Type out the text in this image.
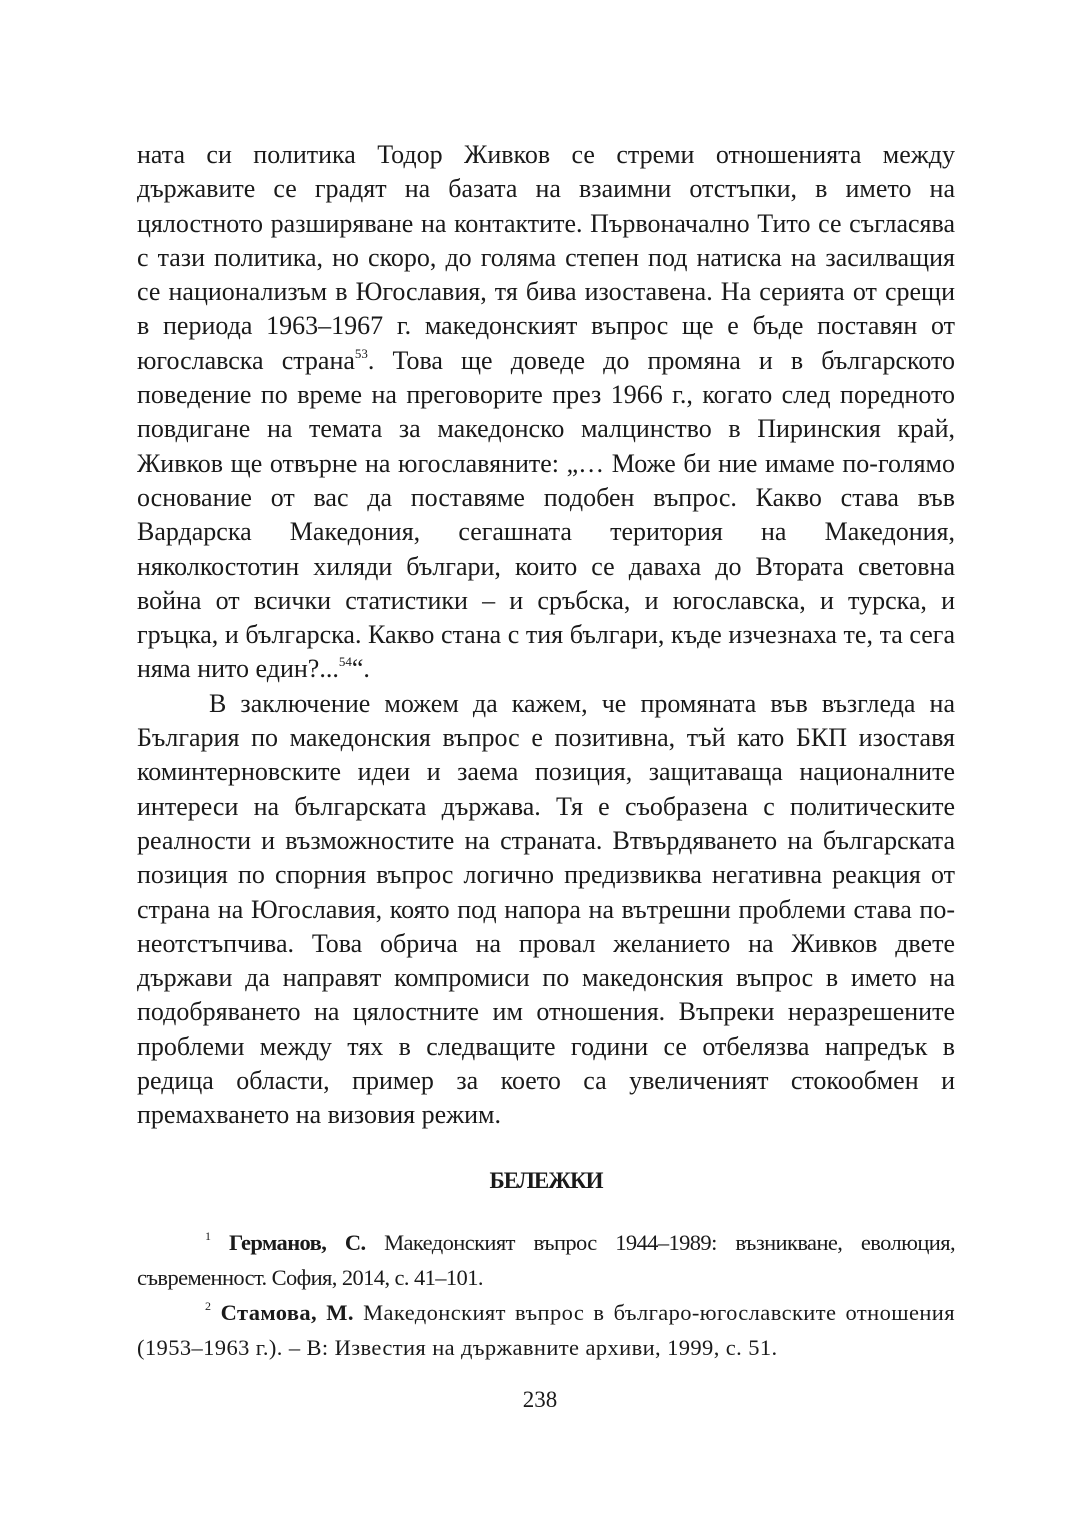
ната си политика Тодор Живков се стреми отношенията между държавите се градят на базата на взаимни отстъпки, в името на цялостното разширяване на контактите. Първоначално Тито се съгласява с тази политика, но скоро, до голяма степен под натиска на засилващия се национализъм в Югославия, тя бива изоставена. На серията от срещи в периода 1963–1967 г. македонският въпрос ще е бъде поставян от югославска страна$^{53}$. Това ще доведе до промяна и в българското поведение по време на преговорите през 1966 г., когато след поредното повдигане на темата за македонско малцинство в Пиринския край, Живков ще отвърне на югославяните: „… Може би ние имаме по-голямо основание от вас да поставяме подобен въпрос. Какво става във Вардарска Македония, сегашната територия на Македония, няколкостотин хиляди българи, които се даваха до Втората световна война от всички статистики – и сръбска, и югославска, и турска, и гръцка, и българска. Какво стана с тия българи, къде изчезнаха те, та сега няма нито един?...$^{54}$“.

В заключение можем да кажем, че промяната във възгледа на България по македонския въпрос е позитивна, тъй като БКП изоставя коминтерновските идеи и заема позиция, защитаваща националните интереси на българската държава. Тя е съобразена с политическите реалности и възможностите на страната. Втвърдяването на българската позиция по спорния въпрос логично предизвиква негативна реакция от страна на Югославия, която под напора на вътрешни проблеми става по-неотстъпчива. Това обрича на провал желанието на Живков двете държави да направят компромиси по македонския въпрос в името на подобряването на цялостните им отношения. Въпреки неразрешените проблеми между тях в следващите години се отбелязва напредък в редица области, пример за което са увеличеният стокообмен и премахването на визовия режим.

БЕЛЕЖКИ

$^1$ Германов, С. Македонският въпрос 1944–1989: възникване, еволюция, съвременност. София, 2014, с. 41–101.

$^2$ Стамова, М. Македонският въпрос в българо-югославските отношения (1953–1963 г.). – В: Известия на държавните архиви, 1999, с. 51.

238
